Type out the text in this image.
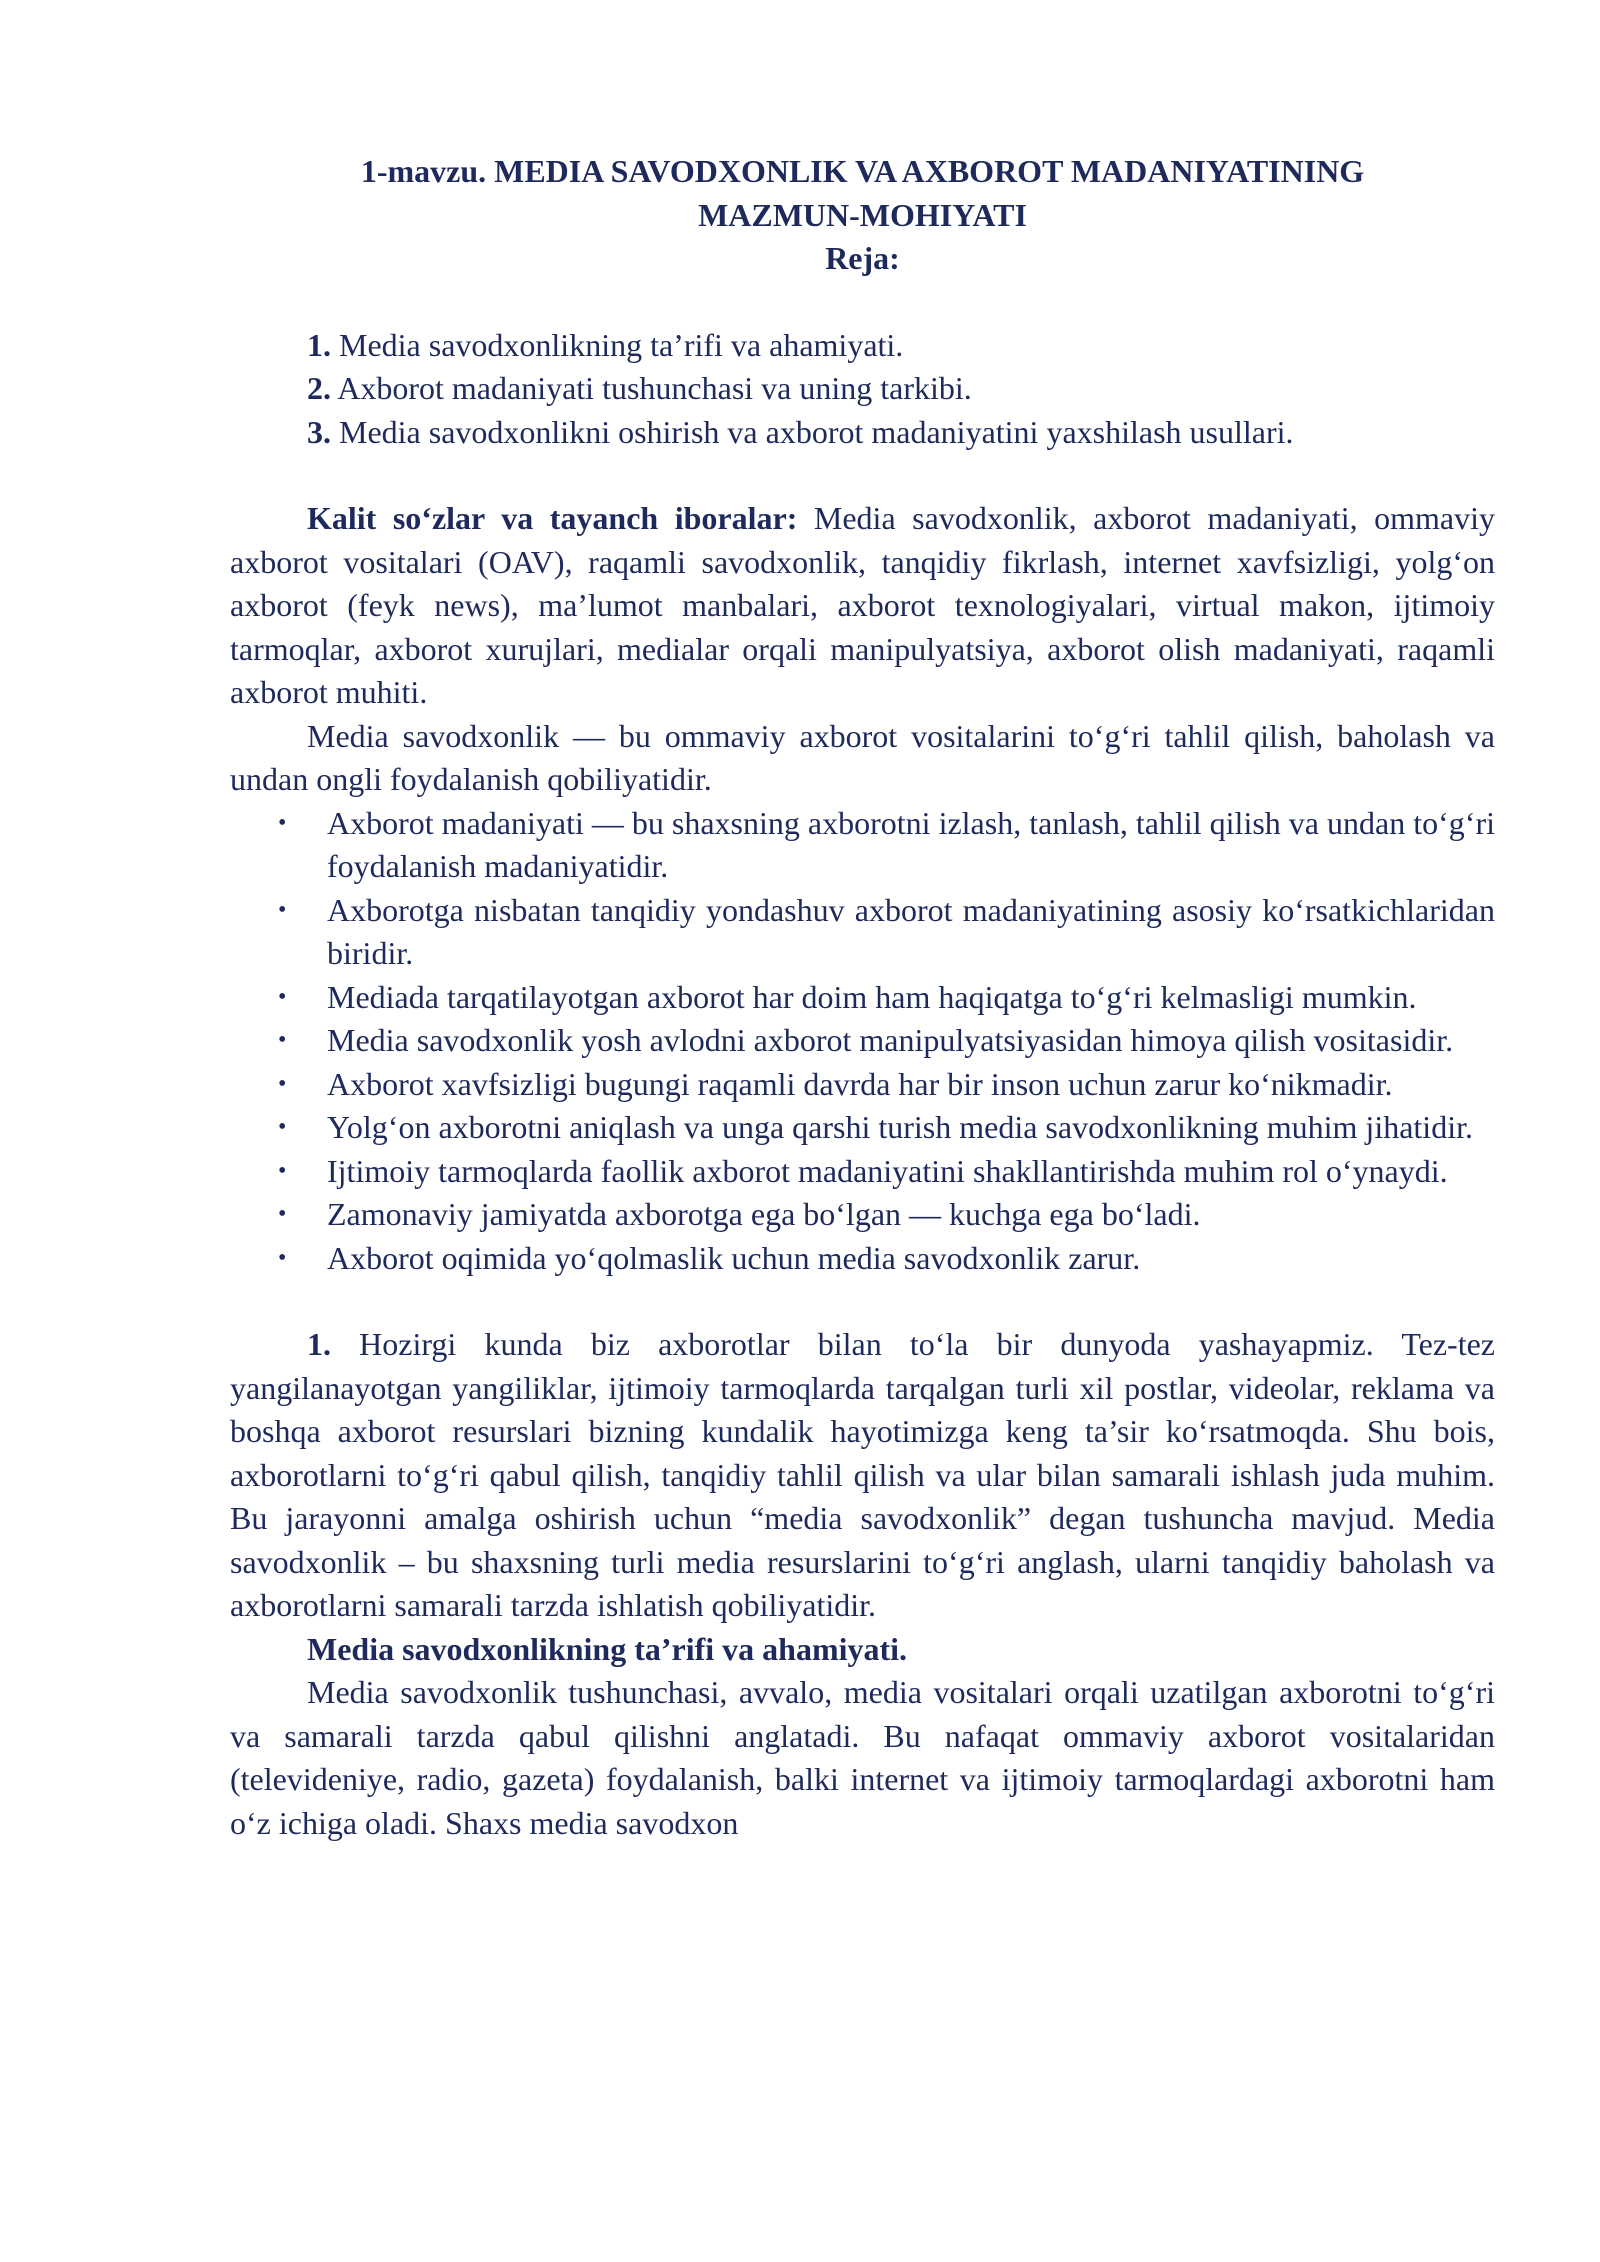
1-mavzu. MEDIA SAVODXONLIK VA AXBOROT MADANIYATINING
MAZMUN-MOHIYATI
Reja:
1. Media savodxonlikning ta’rifi va ahamiyati.
2. Axborot madaniyati tushunchasi va uning tarkibi.
3. Media savodxonlikni oshirish va axborot madaniyatini yaxshilash usullari.

Kalit so‘zlar va tayanch iboralar: Media savodxonlik, axborot madaniyati, ommaviy axborot vositalari (OAV), raqamli savodxonlik, tanqidiy fikrlash, internet xavfsizligi, yolg‘on axborot (feyk news), ma’lumot manbalari, axborot texnologiyalari, virtual makon, ijtimoiy tarmoqlar, axborot xurujlari, medialar orqali manipulyatsiya, axborot olish madaniyati, raqamli axborot muhiti.

Media savodxonlik — bu ommaviy axborot vositalarini to‘g‘ri tahlil qilish, baholash va undan ongli foydalanish qobiliyatidir.

• Axborot madaniyati — bu shaxsning axborotni izlash, tanlash, tahlil qilish va undan to‘g‘ri foydalanish madaniyatidir.
• Axborotga nisbatan tanqidiy yondashuv axborot madaniyatining asosiy ko‘rsatkichlaridan biridir.
• Mediada tarqatilayotgan axborot har doim ham haqiqatga to‘g‘ri kelmasligi mumkin.
• Media savodxonlik yosh avlodni axborot manipulyatsiyasidan himoya qilish vositasidir.
• Axborot xavfsizligi bugungi raqamli davrda har bir inson uchun zarur ko‘nikmadir.
• Yolg‘on axborotni aniqlash va unga qarshi turish media savodxonlikning muhim jihatidir.
• Ijtimoiy tarmoqlarda faollik axborot madaniyatini shakllantirishda muhim rol o‘ynaydi.
• Zamonaviy jamiyatda axborotga ega bo‘lgan — kuchga ega bo‘ladi.
• Axborot oqimida yo‘qolmaslik uchun media savodxonlik zarur.

1. Hozirgi kunda biz axborotlar bilan to‘la bir dunyoda yashayapmiz. Tez-tez yangilanayotgan yangiliklar, ijtimoiy tarmoqlarda tarqalgan turli xil postlar, videolar, reklama va boshqa axborot resurslari bizning kundalik hayotimizga keng ta’sir ko‘rsatmoqda. Shu bois, axborotlarni to‘g‘ri qabul qilish, tanqidiy tahlil qilish va ular bilan samarali ishlash juda muhim. Bu jarayonni amalga oshirish uchun “media savodxonlik” degan tushuncha mavjud. Media savodxonlik – bu shaxsning turli media resurslarini to‘g‘ri anglash, ularni tanqidiy baholash va axborotlarni samarali tarzda ishlatish qobiliyatidir.

Media savodxonlikning ta’rifi va ahamiyati.

Media savodxonlik tushunchasi, avvalo, media vositalari orqali uzatilgan axborotni to‘g‘ri va samarali tarzda qabul qilishni anglatadi. Bu nafaqat ommaviy axborot vositalaridan (televideniye, radio, gazeta) foydalanish, balki internet va ijtimoiy tarmoqlardagi axborotni ham o‘z ichiga oladi. Shaxs media savodxon
